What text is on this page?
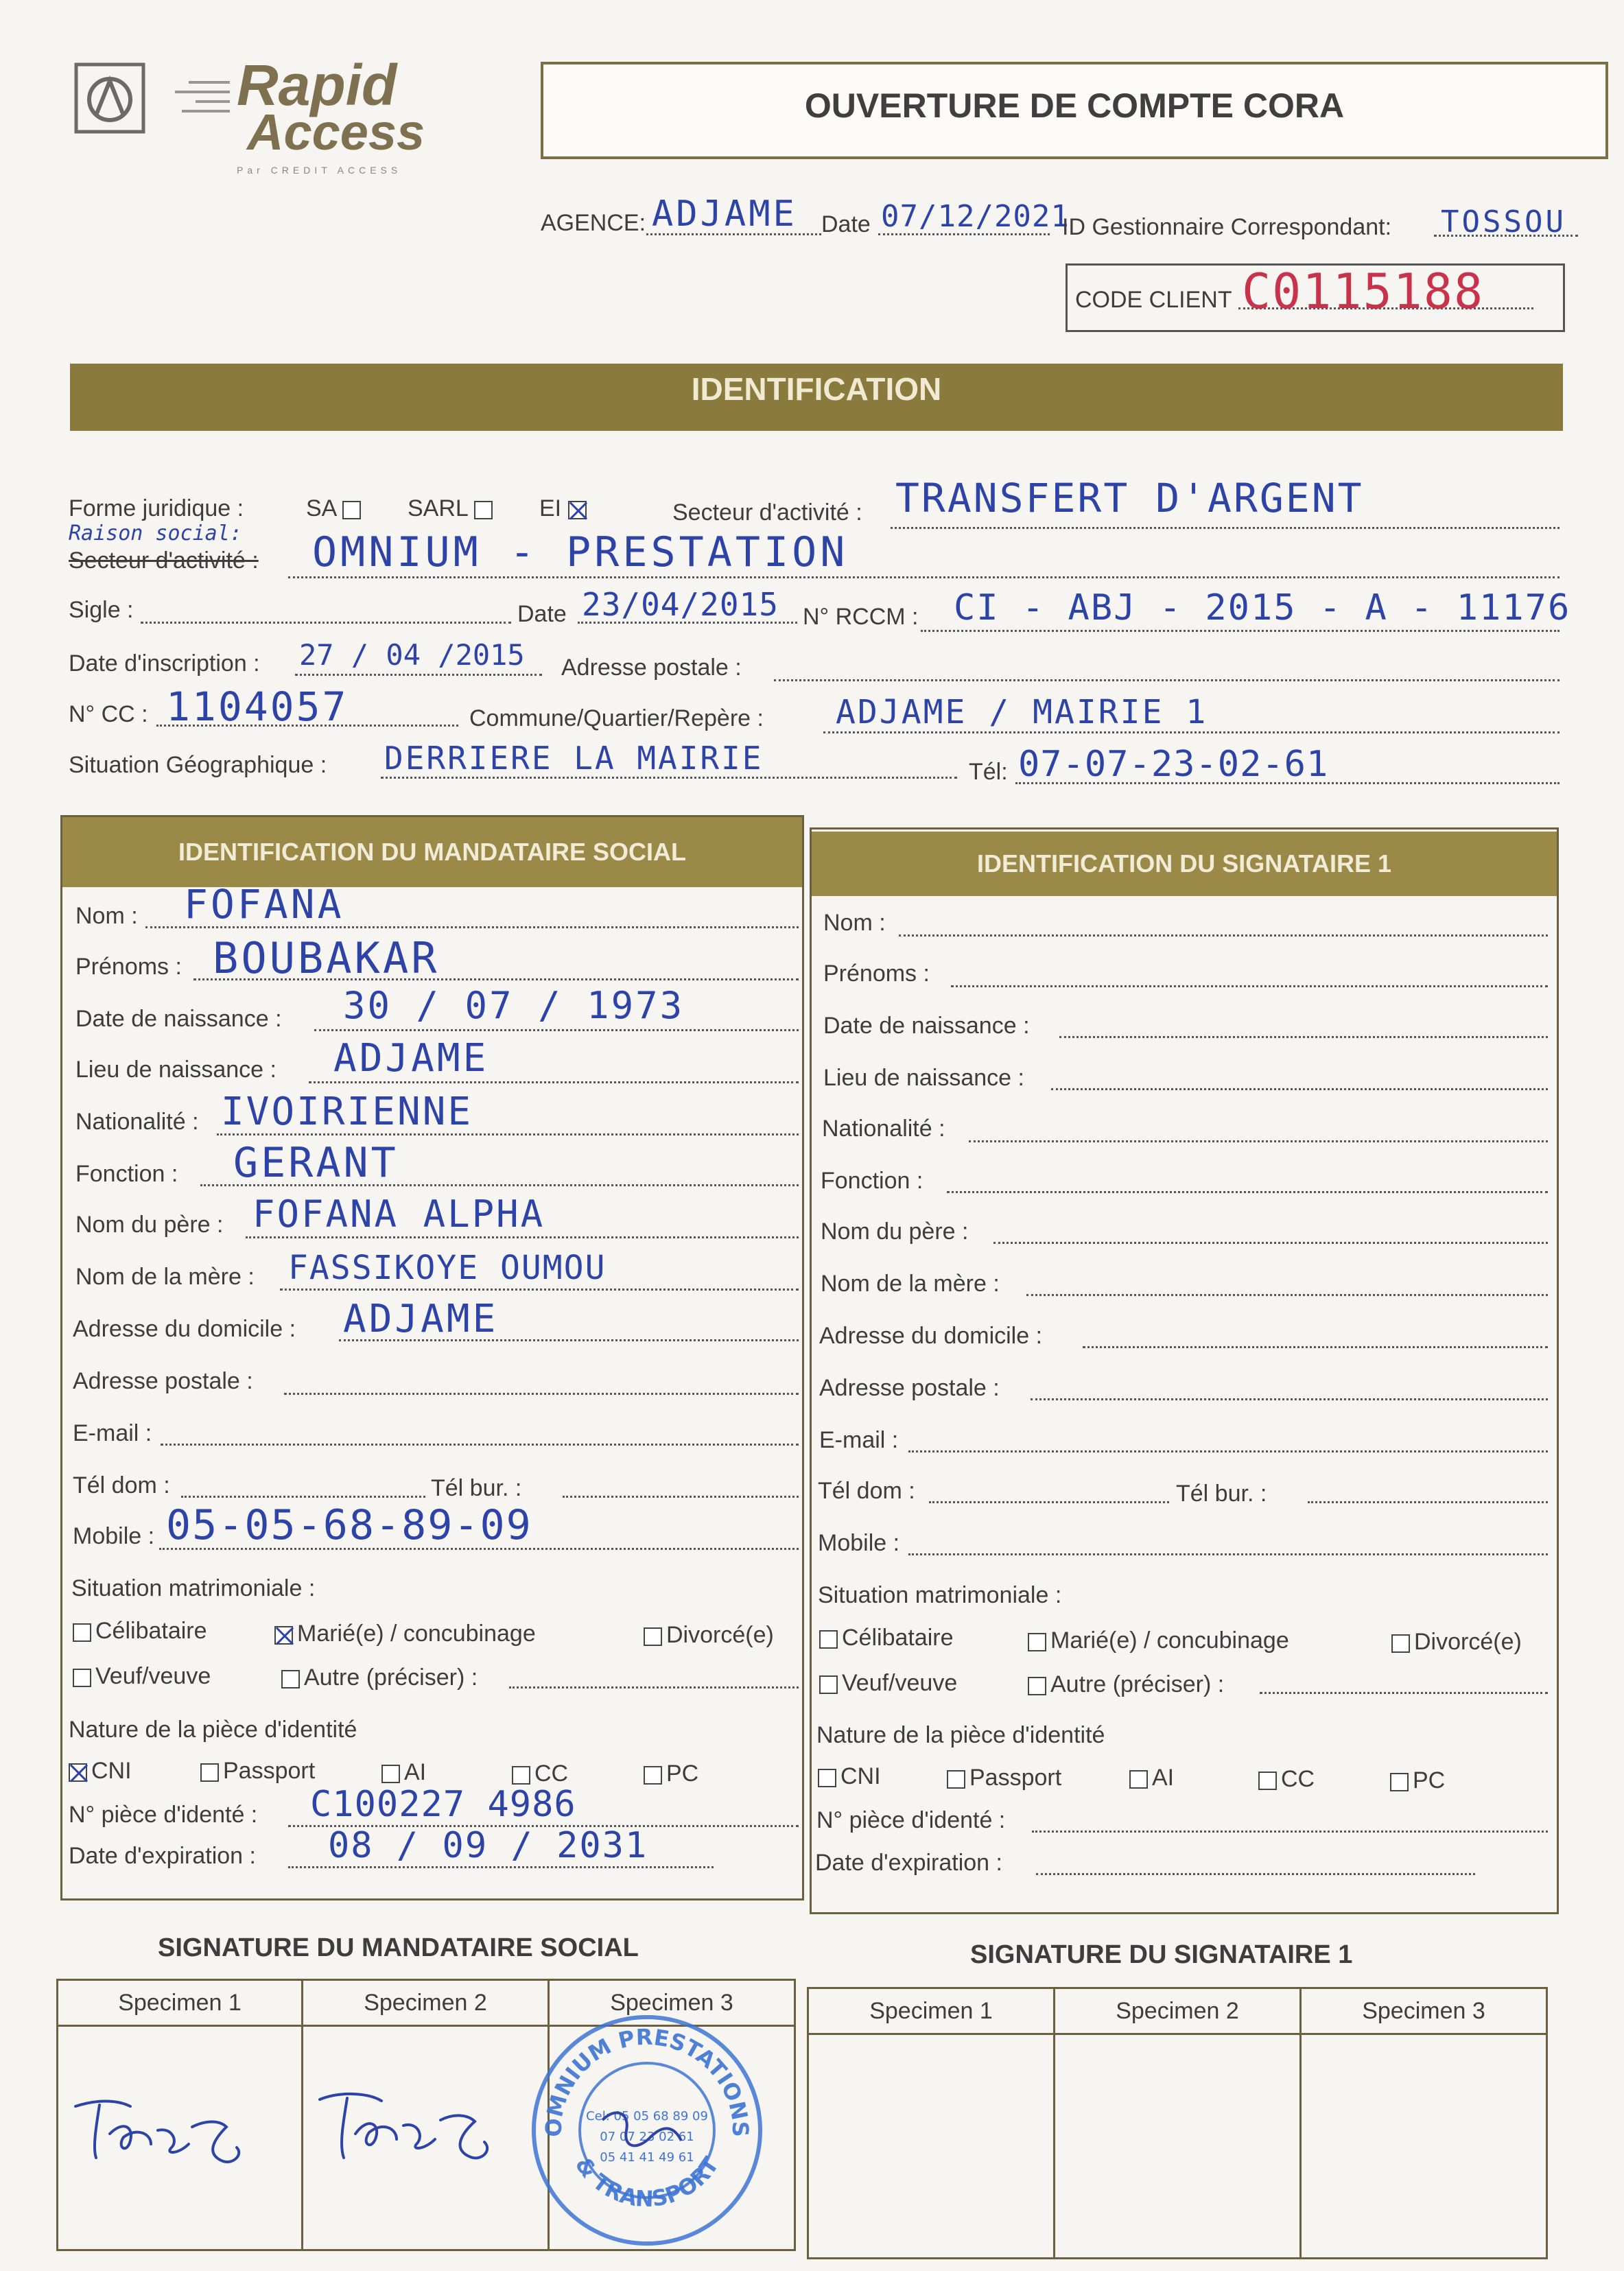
Rapid
Access
Par CREDIT ACCESS
OUVERTURE DE COMPTE CORA
AGENCE: ADJAME Date 07/12/2021
ID Gestionnaire Correspondant: TOSSOU
CODE CLIENT C0115188
IDENTIFICATION
Forme juridique :	SA	SARL	EI	Secteur d'activité : TRANSFERT D'ARGENT
Raison social:
Secteur d'activité : OMNIUM - PRESTATION
Sigle :	Date 23/04/2015 N° RCCM : CI - ABJ - 2015 - A - 11176
Date d'inscription : 27 / 04 /2015 Adresse postale :
N° CC : 1104057	Commune/Quartier/Repère : ADJAME / MAIRIE 1
Situation Géographique : DERRIERE LA MAIRIE	Tél: 07-07-23-02-61
IDENTIFICATION DU MANDATAIRE SOCIAL	IDENTIFICATION DU SIGNATAIRE 1
Nom : FOFANA
Prénoms : BOUBAKAR
Date de naissance : 30 / 07 / 1973
Lieu de naissance : ADJAME
Nationalité : IVOIRIENNE
Fonction : GERANT
Nom du père : FOFANA ALPHA
Nom de la mère : FASSIKOYE OUMOU
Adresse du domicile : ADJAME
Adresse postale :
E-mail :
Tél dom :	Tél bur. :
Mobile : 05-05-68-89-09
Situation matrimoniale :
Célibataire	Marié(e) / concubinage	Divorcé(e)
Veuf/veuve	Autre (préciser) :
Nature de la pièce d'identité
CNI	Passport	AI	CC	PC
N° pièce d'identé : C100227 4986
Date d'expiration : 08 / 09 / 2031
Nom :
Prénoms :
Date de naissance :
Lieu de naissance :
Nationalité :
Fonction :
Nom du père :
Nom de la mère :
Adresse du domicile :
Adresse postale :
E-mail :
Tél dom :	Tél bur. :
Mobile :
Situation matrimoniale :
Célibataire	Marié(e) / concubinage	Divorcé(e)
Veuf/veuve	Autre (préciser) :
Nature de la pièce d'identité
CNI	Passport	AI	CC	PC
N° pièce d'identé :
Date d'expiration :
SIGNATURE DU MANDATAIRE SOCIAL	SIGNATURE DU SIGNATAIRE 1
Specimen 1	Specimen 2	Specimen 3
OMNIUM PRESTATIONS
& TRANSPORT
Cel: 05 05 68 89 09
07 07 23 02 61
05 41 41 49 61
Specimen 1	Specimen 2	Specimen 3
